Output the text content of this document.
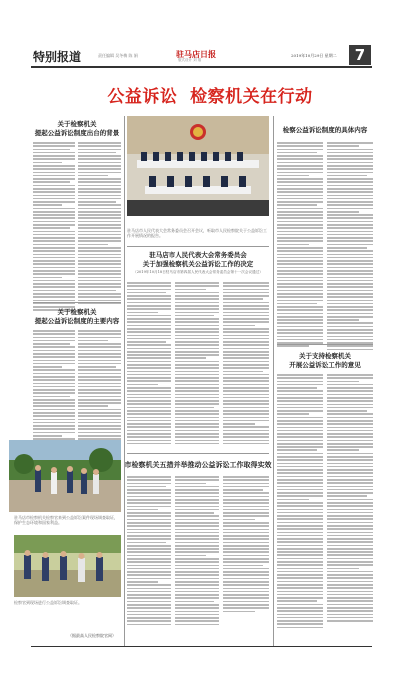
特别报道	责任编辑 吴冬梅 陈 娟	驻马店日报
版式设计 刘 翔
2019年10月29日 星期二	7
公益诉讼  检察机关在行动
关于检察机关
提起公益诉讼制度出台的背景
关于检察机关
提起公益诉讼制度的主要内容
驻马店市检察机关检察官来到公益诉讼案件现场调查取证，保护生态环境和国家利益。
检察官到现场进行公益诉讼调查取证。
驻马店市人民代表大会常务委员会召开会议，听取市人民检察院关于公益诉讼工作开展情况的报告。
驻马店市人民代表大会常务委员会
关于加强检察机关公益诉讼工作的决定
（2019年10月18日驻马店市第四届人民代表大会常务委员会第十一次会议通过）
市检察机关五措并举推动公益诉讼工作取得实效
（据最高人民检察院官网）
检察公益诉讼制度的具体内容
关于支持检察机关
开展公益诉讼工作的意见
